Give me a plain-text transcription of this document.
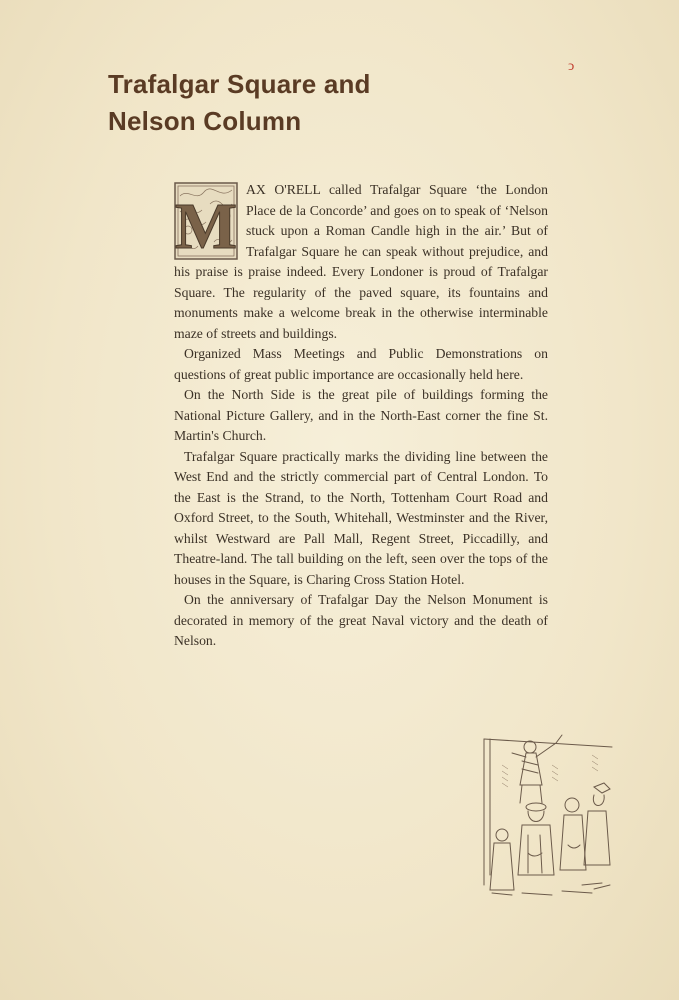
ↄ
Trafalgar Square and
Nelson Column

M
AX O'RELL called Trafalgar Square ‘the London Place de la Concorde’ and goes on to speak of ‘Nelson stuck upon a Roman Candle high in the air.’ But of Trafalgar Square he can speak without prejudice, and his praise is praise indeed. Every Londoner is proud of Trafalgar Square. The regularity of the paved square, its fountains and monuments make a welcome break in the otherwise interminable maze of streets and buildings.

Organized Mass Meetings and Public Demonstrations on questions of great public importance are occasionally held here.

On the North Side is the great pile of buildings forming the National Picture Gallery, and in the North-East corner the fine St. Martin's Church.

Trafalgar Square practically marks the dividing line between the West End and the strictly commercial part of Central London. To the East is the Strand, to the North, Tottenham Court Road and Oxford Street, to the South, Whitehall, Westminster and the River, whilst Westward are Pall Mall, Regent Street, Piccadilly, and Theatre-land. The tall building on the left, seen over the tops of the houses in the Square, is Charing Cross Station Hotel.

On the anniversary of Trafalgar Day the Nelson Monument is decorated in memory of the great Naval victory and the death of Nelson.
